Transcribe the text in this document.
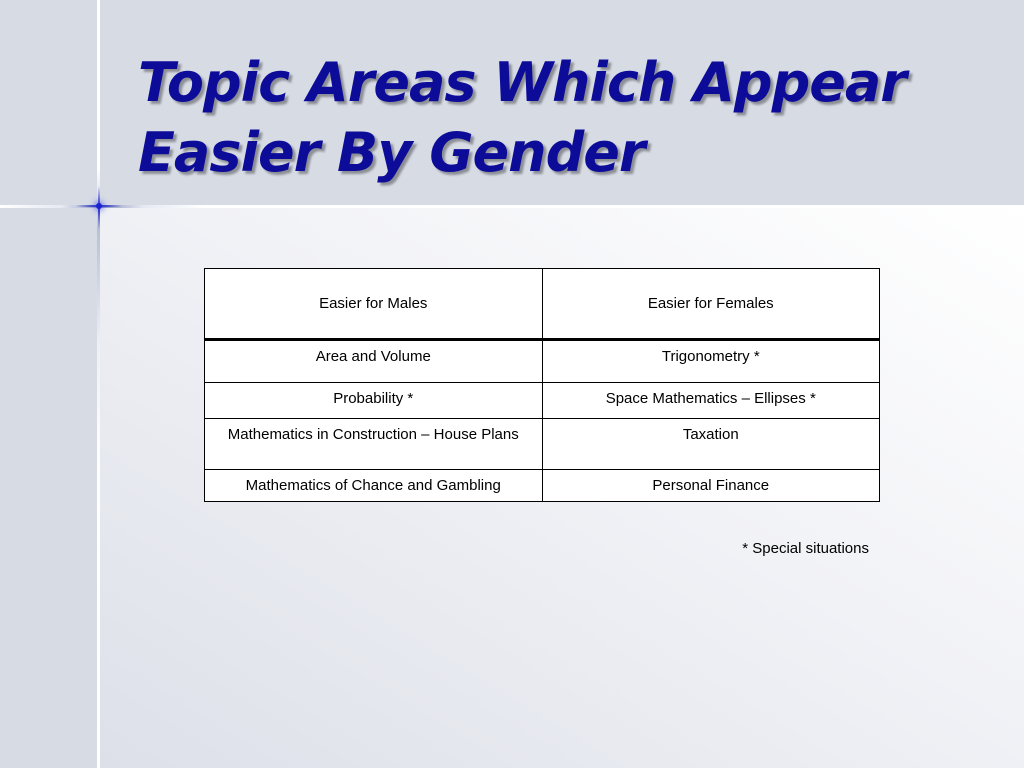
Topic Areas Which Appear Easier By Gender
Easier for Males	Easier for Females
Area and Volume	Trigonometry *
Probability *	Space Mathematics – Ellipses *
Mathematics in Construction – House Plans	Taxation
Mathematics of Chance and Gambling	Personal Finance
* Special situations
